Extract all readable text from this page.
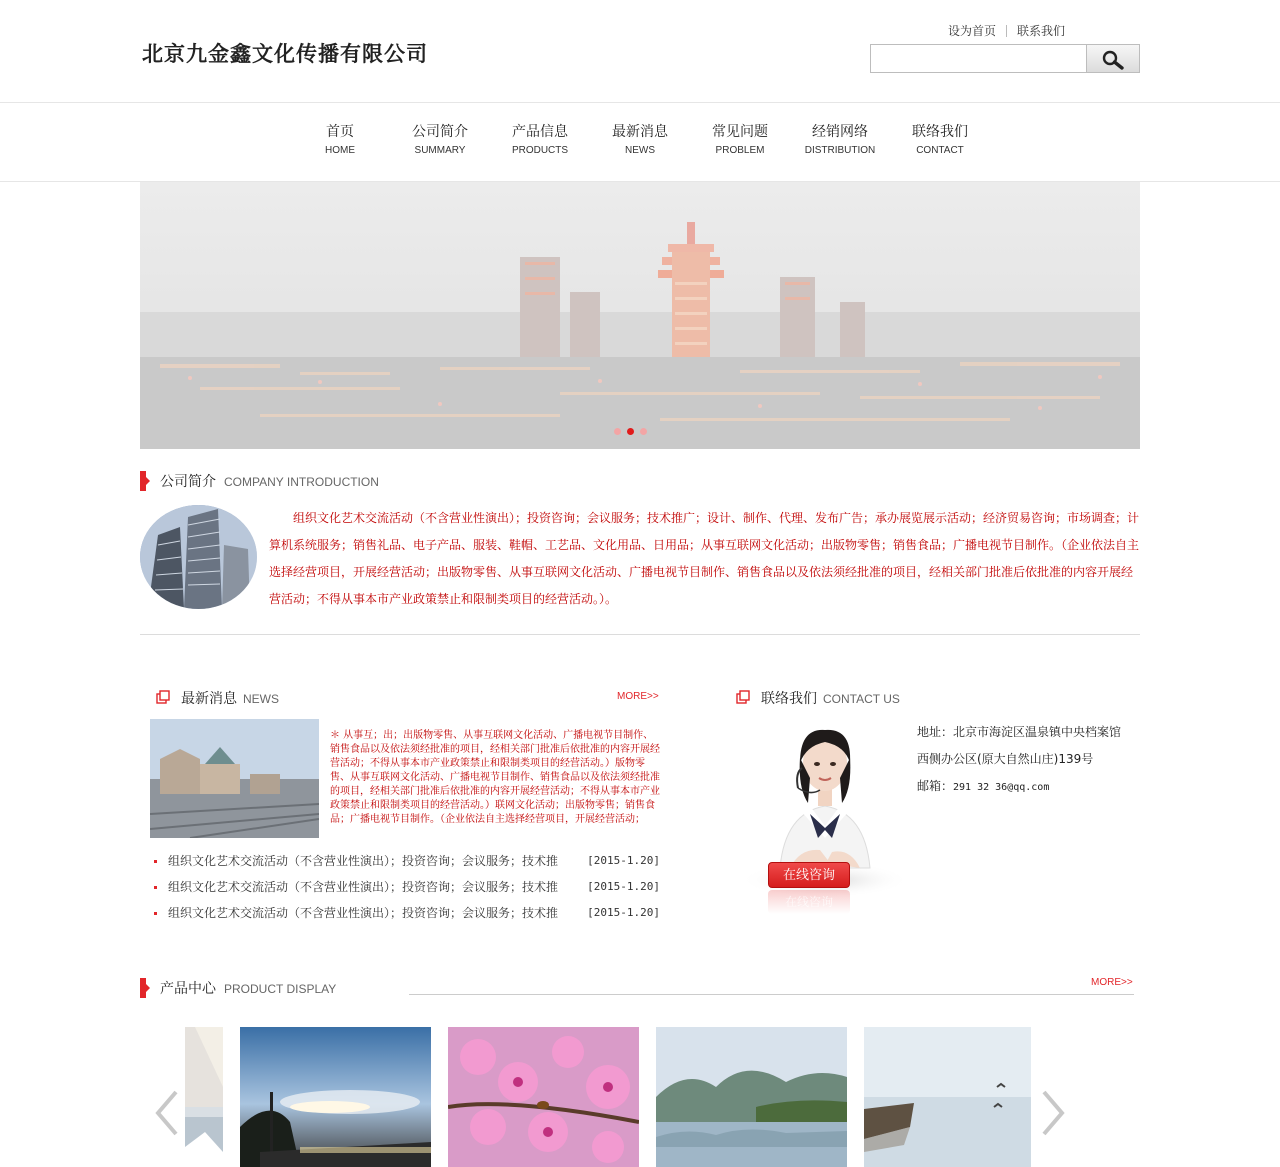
北京九金鑫文化传播有限公司
设为首页 联系我们
首页
HOME
公司简介
SUMMARY
产品信息
PRODUCTS
最新消息
NEWS
常见问题
PROBLEM
经销网络
DISTRIBUTION
联络我们
CONTACT
公司简介 COMPANY INTRODUCTION
组织文化艺术交流活动（不含营业性演出）；投资咨询；会议服务；技术推广；设计、制作、代理、发布广告；承办展览展示活动；经济贸易咨询；市场调查；计算机系统服务；销售礼品、电子产品、服装、鞋帽、工艺品、文化用品、日用品；从事互联网文化活动；出版物零售；销售食品；广播电视节目制作。（企业依法自主选择经营项目，开展经营活动；出版物零售、从事互联网文化活动、广播电视节目制作、销售食品以及依法须经批准的项目，经相关部门批准后依批准的内容开展经营活动；不得从事本市产业政策禁止和限制类项目的经营活动。）。
最新消息 NEWS	MORE>>
＊ 从事互；出；出版物零售、从事互联网文化活动、广播电视节目制作、销售食品以及依法须经批准的项目，经相关部门批准后依批准的内容开展经营活动；不得从事本市产业政策禁止和限制类项目的经营活动。）版物零售、从事互联网文化活动、广播电视节目制作、销售食品以及依法须经批准的项目，经相关部门批准后依批准的内容开展经营活动；不得从事本市产业政策禁止和限制类项目的经营活动。）联网文化活动；出版物零售；销售食品；广播电视节目制作。（企业依法自主选择经营项目，开展经营活动；
组织文化艺术交流活动（不含营业性演出）；投资咨询；会议服务；技术推	[2015-1.20]
组织文化艺术交流活动（不含营业性演出）；投资咨询；会议服务；技术推	[2015-1.20]
组织文化艺术交流活动（不含营业性演出）；投资咨询；会议服务；技术推	[2015-1.20]
联络我们 CONTACT US
在线咨询
在线咨询
地址：北京市海淀区温泉镇中央档案馆
西侧办公区(原大自然山庄)139号
邮箱：291 32 36@qq.com
产品中心 PRODUCT DISPLAY	MORE>>
